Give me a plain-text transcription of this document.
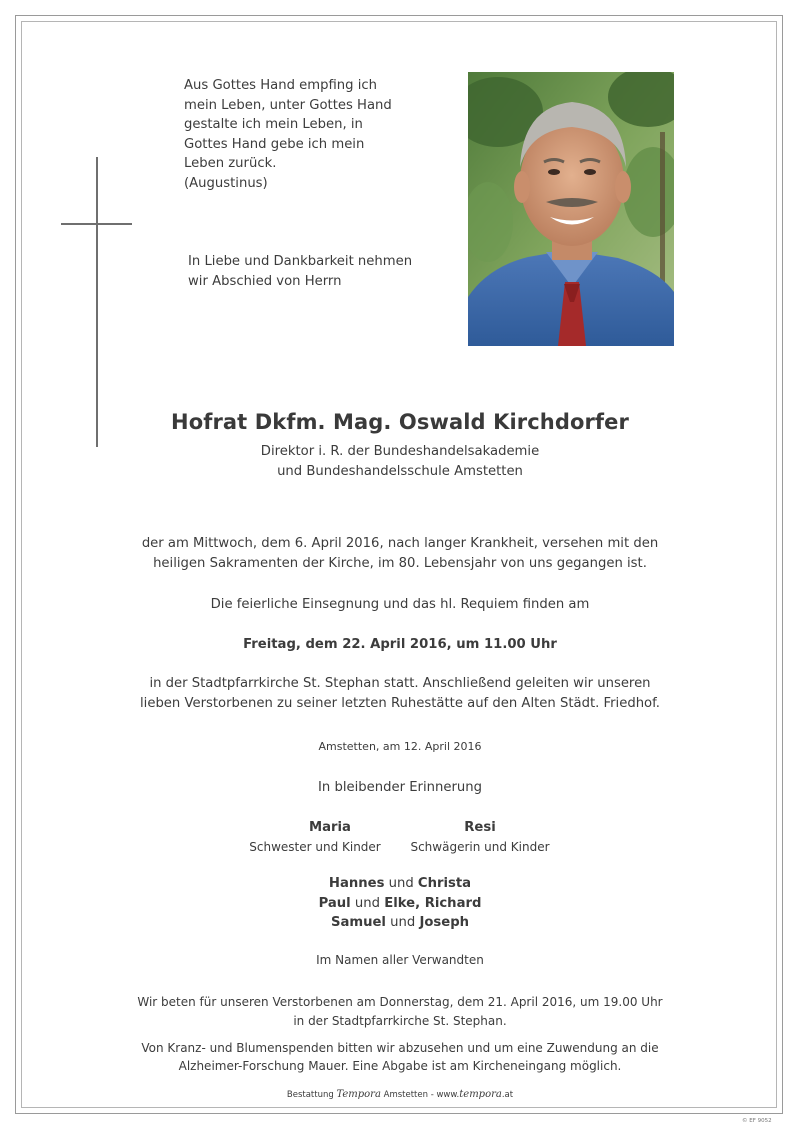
Aus Gottes Hand empfing ich
mein Leben, unter Gottes Hand
gestalte ich mein Leben, in
Gottes Hand gebe ich mein
Leben zurück.
(Augustinus)
In Liebe und Dankbarkeit nehmen
wir Abschied von Herrn
Hofrat Dkfm. Mag. Oswald Kirchdorfer
Direktor i. R. der Bundeshandelsakademie
und Bundeshandelsschule Amstetten
der am Mittwoch, dem 6. April 2016, nach langer Krankheit, versehen mit den
heiligen Sakramenten der Kirche, im 80. Lebensjahr von uns gegangen ist.
Die feierliche Einsegnung und das hl. Requiem finden am
Freitag, dem 22. April 2016, um 11.00 Uhr
in der Stadtpfarrkirche St. Stephan statt. Anschließend geleiten wir unseren
lieben Verstorbenen zu seiner letzten Ruhestätte auf den Alten Städt. Friedhof.
Amstetten, am 12. April 2016
In bleibender Erinnerung
Maria
Schwester und Kinder
Resi
Schwägerin und Kinder
Hannes und Christa
Paul und Elke, Richard
Samuel und Joseph
Im Namen aller Verwandten
Wir beten für unseren Verstorbenen am Donnerstag, dem 21. April 2016, um 19.00 Uhr
in der Stadtpfarrkirche St. Stephan.
Von Kranz- und Blumenspenden bitten wir abzusehen und um eine Zuwendung an die
Alzheimer-Forschung Mauer. Eine Abgabe ist am Kircheneingang möglich.
Bestattung Tempora Amstetten - www.tempora.at
© EF 9052
